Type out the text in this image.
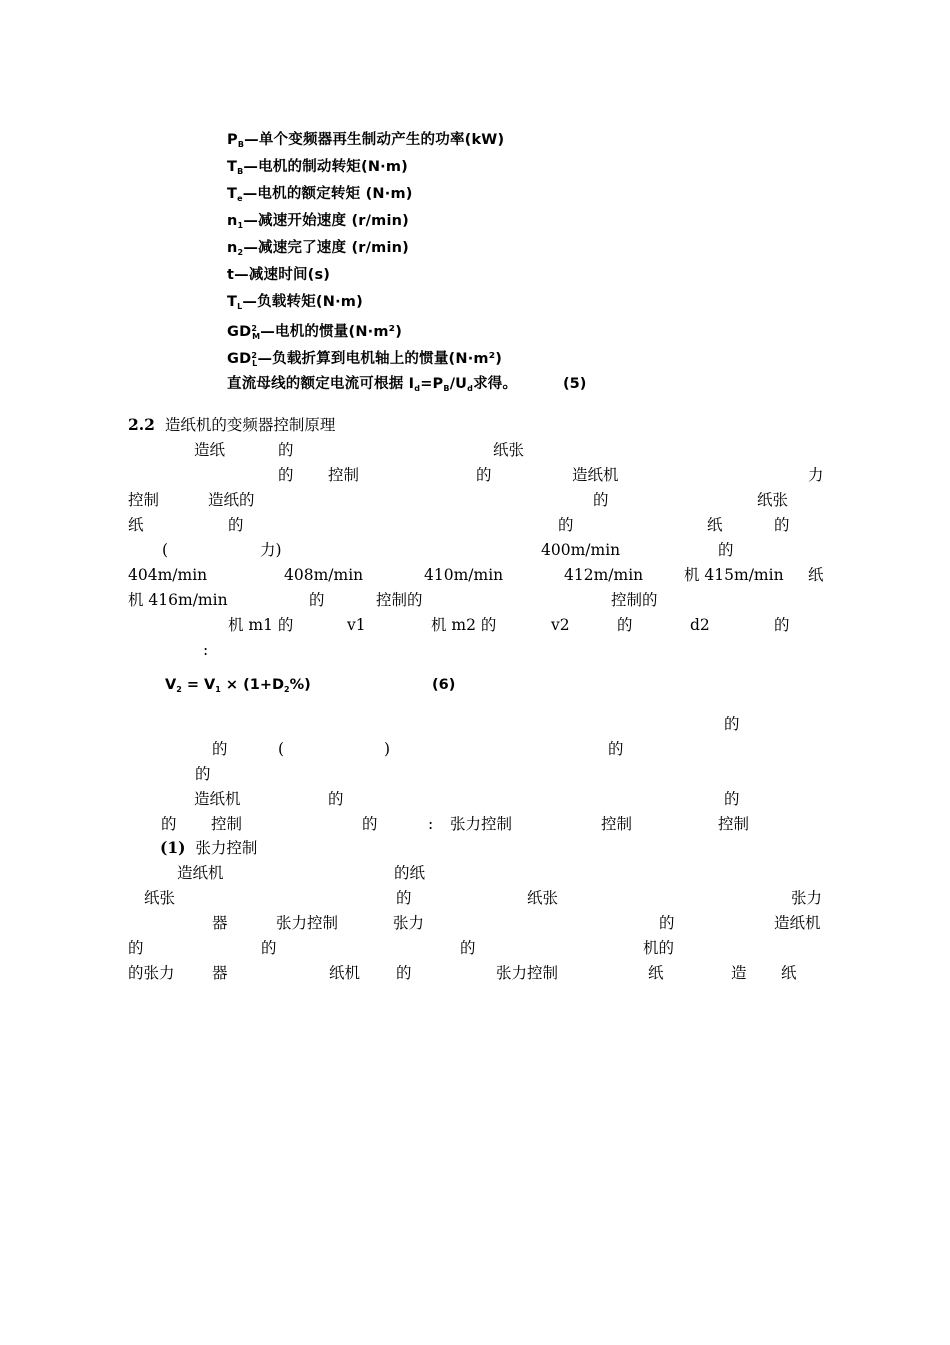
$P_B—$单个变频器再生制动产生的功率(kW)
$T_B—$电机的制动转矩(N·m)
$T_e—$电机的额定转矩 (N·m)
$n_1—$减速开始速度 (r/min)
$n_2—$减速完了速度 (r/min)
t—减速时间(s)
$T_L—$负载转矩(N·m)
$GD^2_M—$电机的惯量(N·m²)
$GD^2_L—$负载折算到电机轴上的惯量(N·m²)
直流母线的额定电流可根据 $I_d=P_B/U_d$求得。	(5)
2.2 造纸机的变频器控制原理
造纸	的	纸张
的 控制	的	造纸机	力
控制	造纸的	的	纸张
纸	的	的	纸	的
(	力)	400m/min	的
404m/min	408m/min	410m/min	412m/min	机 415m/min 纸
机 416m/min	的	控制的	控制的
机 m1 的	v1	机 m2 的	v2	的	d2	的
:
的
的	(	)	的
的
造纸机	的	的
的 控制	的	: 张力控制	控制	控制
造纸机	的纸
纸张	的	纸张	张力
器	张力控制	张力	的	造纸机
的	的	的	机的
的张力 器	纸机 的	张力控制	纸	造 纸
$V_2 = V_1 \times (1+D_2\%)$	(6)
(1) 张力控制
